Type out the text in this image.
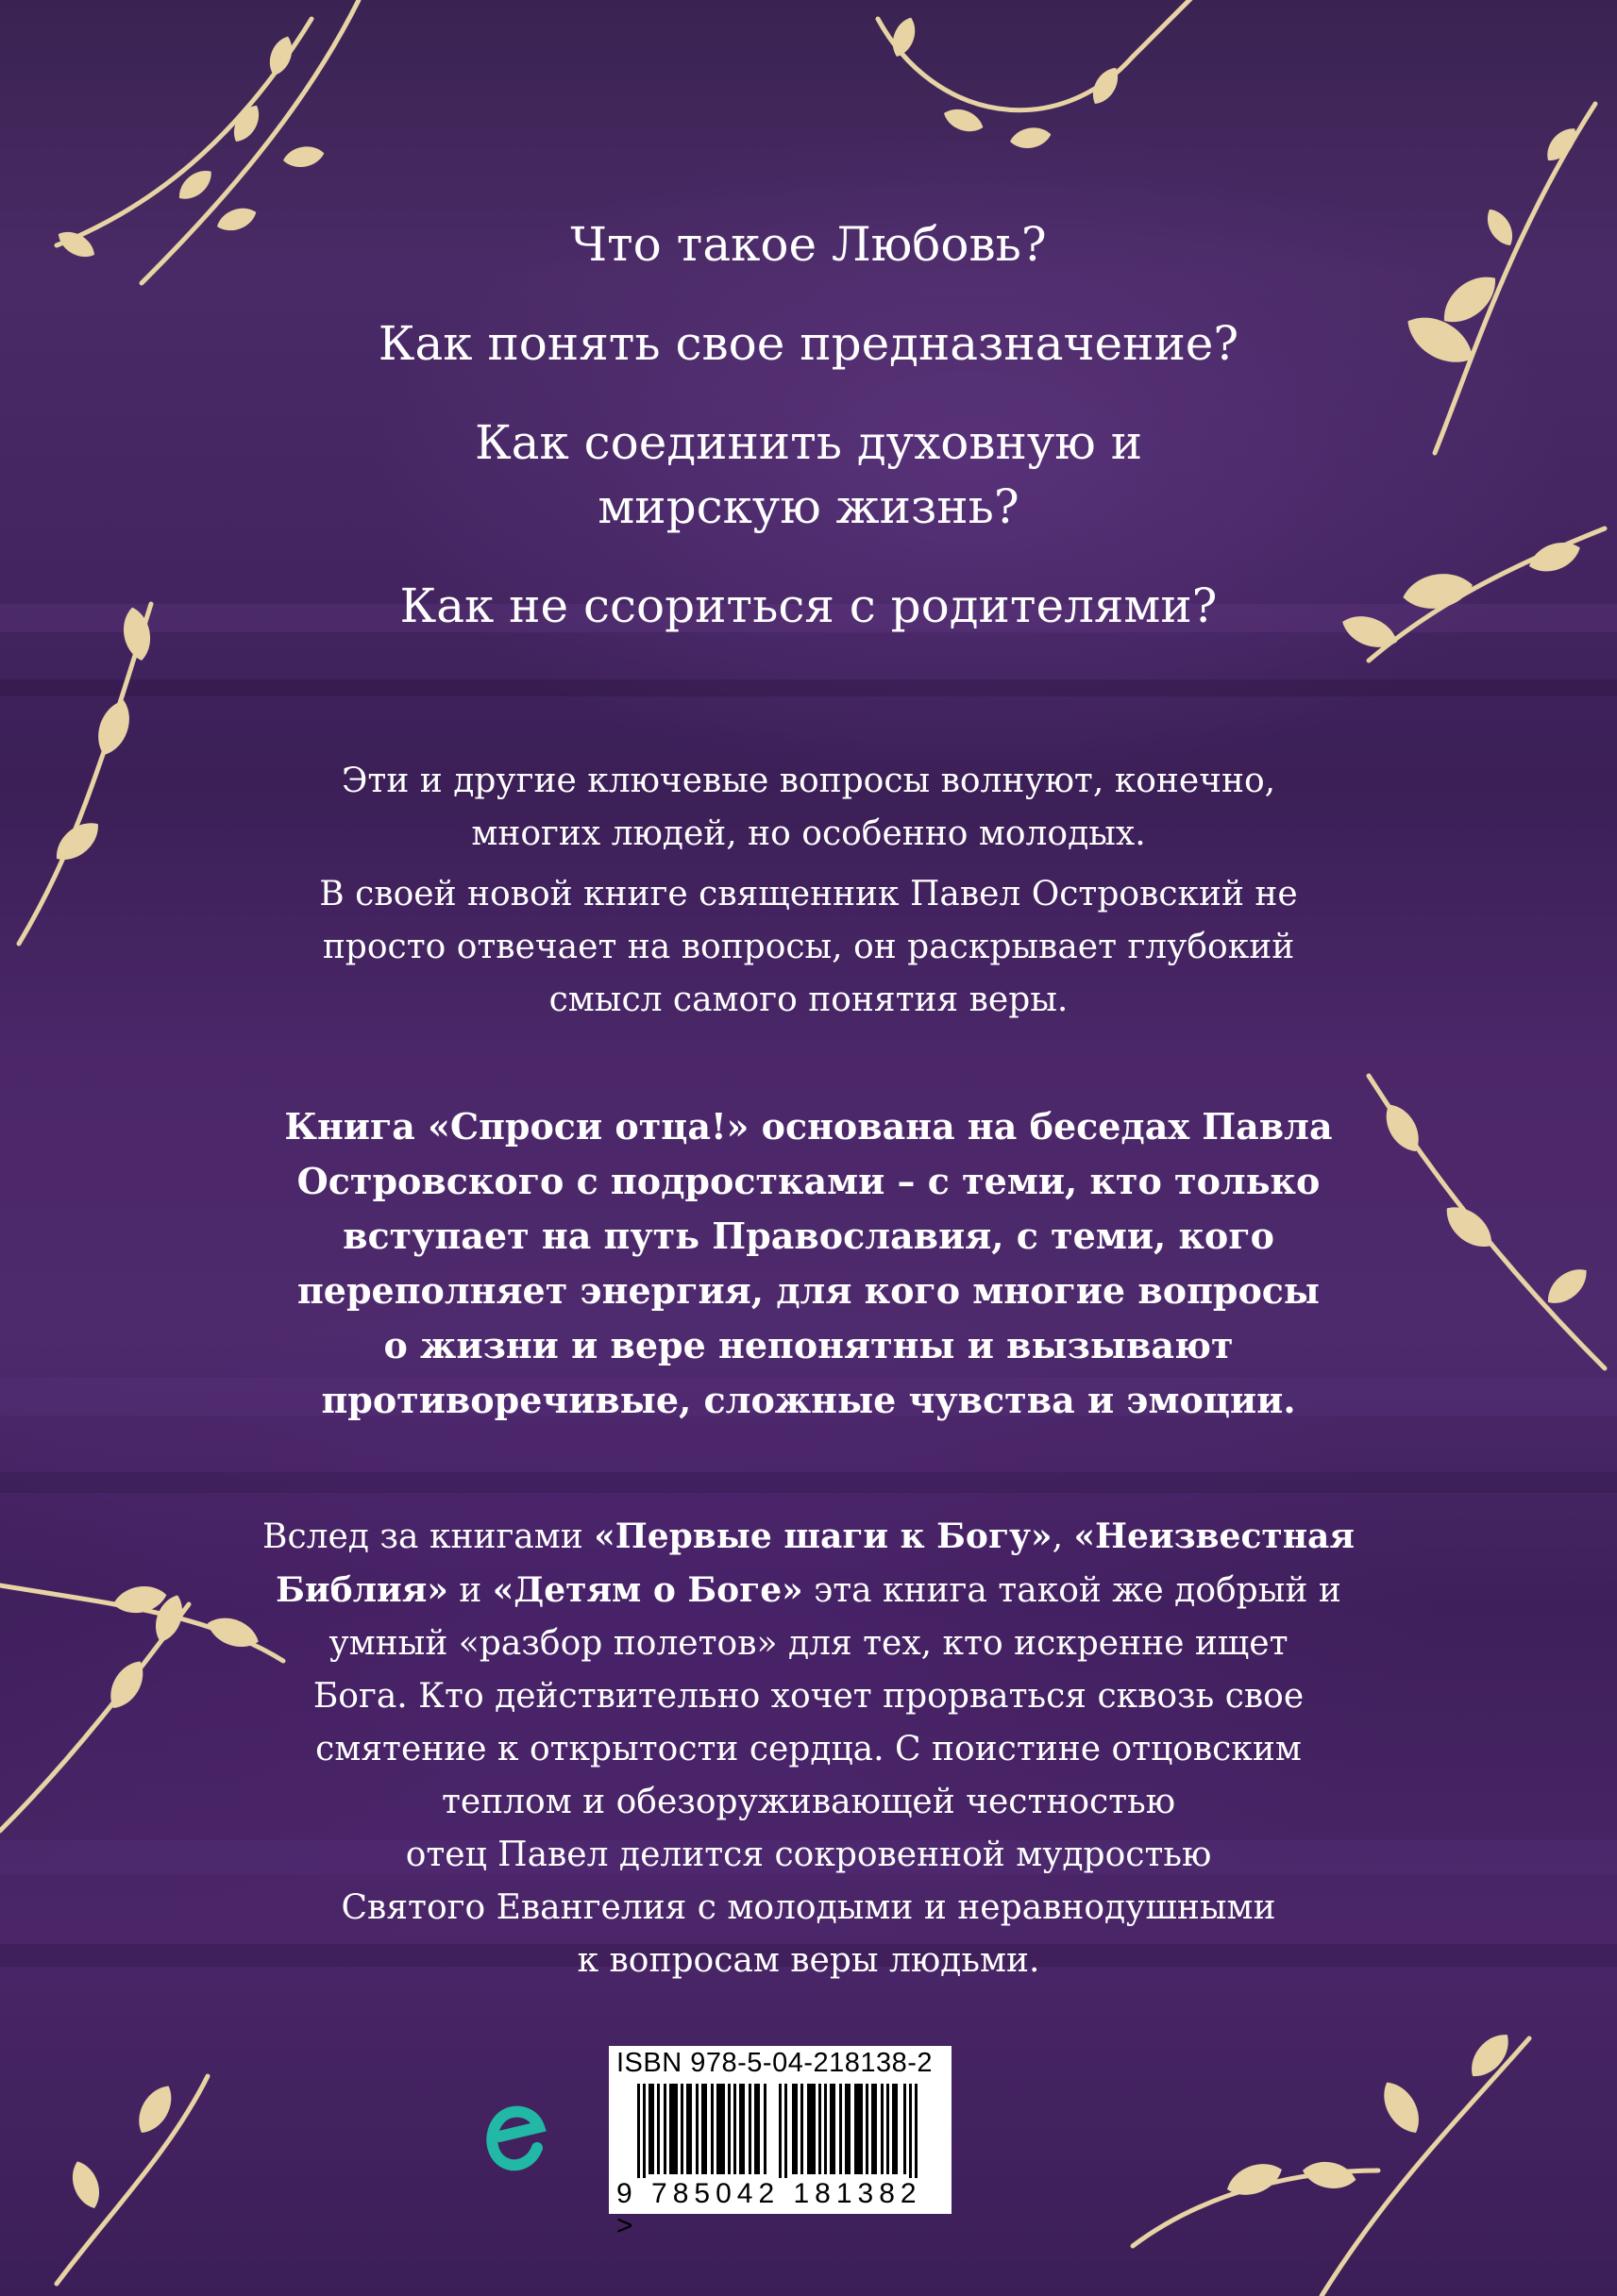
Что такое Любовь?
Как понять свое предназначение?
Как соединить духовную и
мирскую жизнь?
Как не ссориться с родителями?
Эти и другие ключевые вопросы волнуют, конечно,
многих людей, но особенно молодых.
В своей новой книге священник Павел Островский не
просто отвечает на вопросы, он раскрывает глубокий
смысл самого понятия веры.
Книга «Спроси отца!» основана на беседах Павла
Островского с подростками – с теми, кто только
вступает на путь Православия, с теми, кого
переполняет энергия, для кого многие вопросы
о жизни и вере непонятны и вызывают
противоречивые, сложные чувства и эмоции.
Вслед за книгами «Первые шаги к Богу», «Неизвестная
Библия» и «Детям о Боге» эта книга такой же добрый и
умный «разбор полетов» для тех, кто искренне ищет
Бога. Кто действительно хочет прорваться сквозь свое
смятение к открытости сердца. С поистине отцовским
теплом и обезоруживающей честностью
отец Павел делится сокровенной мудростью
Святого Евангелия с молодыми и неравнодушными
к вопросам веры людьми.
ISBN 978-5-04-218138-2
9 785042 181382 >
